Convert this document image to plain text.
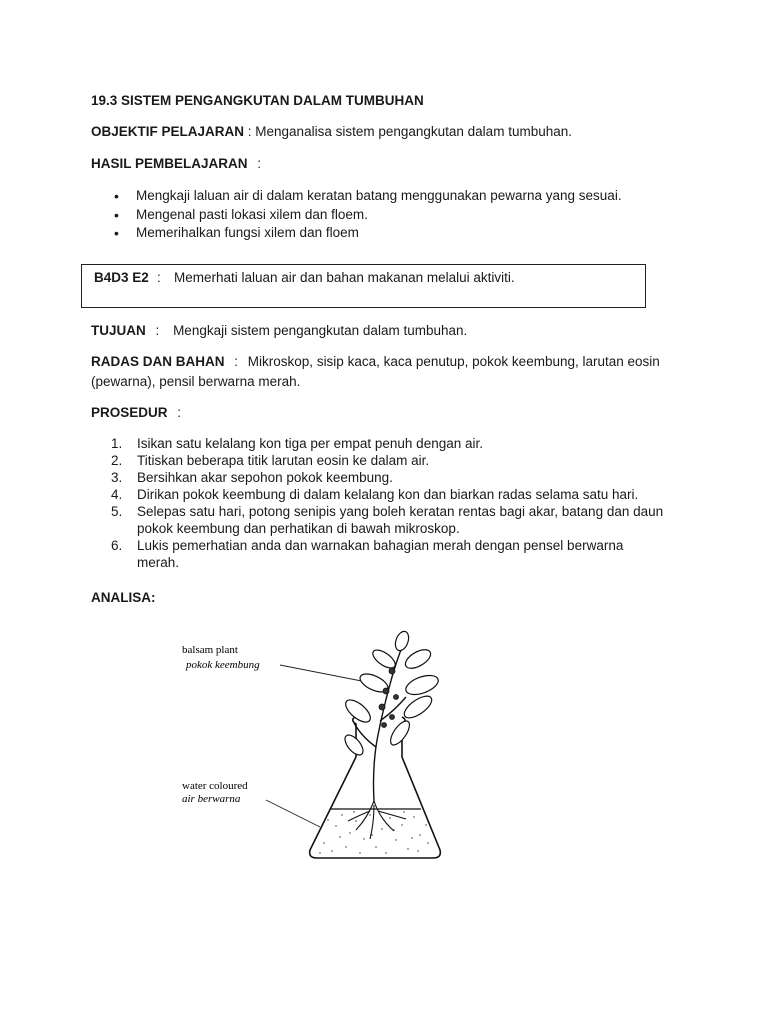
19.3 SISTEM PENGANGKUTAN DALAM TUMBUHAN
OBJEKTIF PELAJARAN : Menganalisa sistem pengangkutan dalam tumbuhan.
HASIL PEMBELAJARAN :
• Mengkaji laluan air di dalam keratan batang menggunakan pewarna yang sesuai.
• Mengenal pasti lokasi xilem dan floem.
• Memerihalkan fungsi xilem dan floem
B4D3 E2 : Memerhati laluan air dan bahan makanan melalui aktiviti.
TUJUAN : Mengkaji sistem pengangkutan dalam tumbuhan.
RADAS DAN BAHAN : Mikroskop, sisip kaca, kaca penutup, pokok keembung, larutan eosin
(pewarna), pensil berwarna merah.
PROSEDUR :
1. Isikan satu kelalang kon tiga per empat penuh dengan air.
2. Titiskan beberapa titik larutan eosin ke dalam air.
3. Bersihkan akar sepohon pokok keembung.
4. Dirikan pokok keembung di dalam kelalang kon dan biarkan radas selama satu hari.
5. Selepas satu hari, potong senipis yang boleh keratan rentas bagi akar, batang dan daun
pokok keembung dan perhatikan di bawah mikroskop.
6. Lukis pemerhatian anda dan warnakan bahagian merah dengan pensel berwarna
merah.
ANALISA:
balsam plant
pokok keembung
water coloured
air berwarna
